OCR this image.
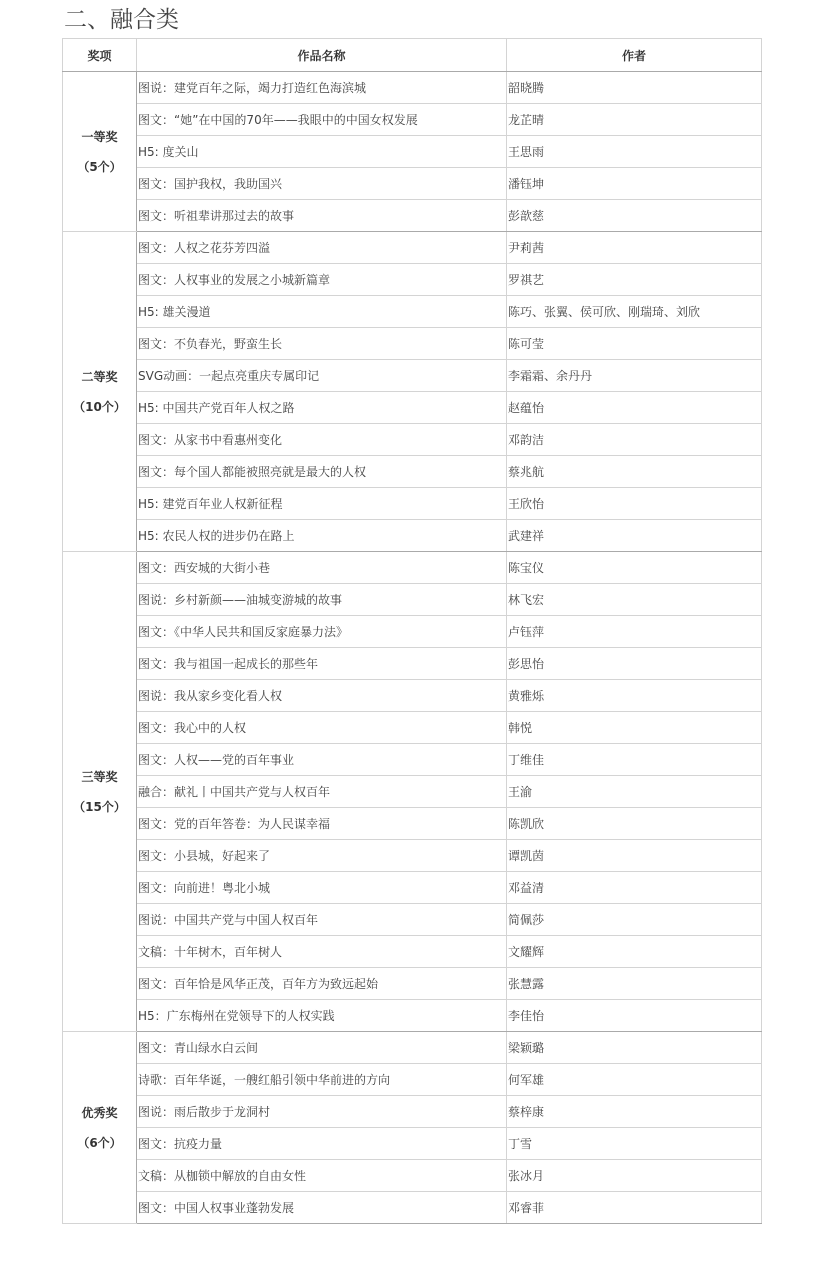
二、融合类
奖项	作品名称	作者

一等奖
（5个）	图说：建党百年之际，竭力打造红色海滨城	韶晓腾
	图文：“她”在中国的70年——我眼中的中国女权发展	龙芷晴
	H5: 度关山	王思雨
	图文：国护我权，我助国兴	潘钰坤
	图文：听祖辈讲那过去的故事	彭歆慈

二等奖
（10个）	图文：人权之花芬芳四溢	尹莉茜
	图文：人权事业的发展之小城新篇章	罗祺艺
	H5: 雄关漫道	陈巧、张翼、侯可欣、刚瑞琦、刘欣
	图文：不负春光，野蛮生长	陈可莹
	SVG动画：一起点亮重庆专属印记	李霜霜、余丹丹
	H5: 中国共产党百年人权之路	赵蕴怡
	图文：从家书中看惠州变化	邓韵洁
	图文：每个国人都能被照亮就是最大的人权	蔡兆航
	H5: 建党百年业人权新征程	王欣怡
	H5: 农民人权的进步仍在路上	武建祥

三等奖
（15个）	图文：西安城的大街小巷	陈宝仪
	图说：乡村新颜——油城变游城的故事	林飞宏
	图文：《中华人民共和国反家庭暴力法》	卢钰萍
	图文：我与祖国一起成长的那些年	彭思怡
	图说：我从家乡变化看人权	黄雅烁
	图文：我心中的人权	韩悦
	图文：人权——党的百年事业	丁维佳
	融合：献礼丨中国共产党与人权百年	王渝
	图文：党的百年答卷：为人民谋幸福	陈凯欣
	图文：小县城，好起来了	谭凯茵
	图文：向前进！粤北小城	邓益清
	图说：中国共产党与中国人权百年	简佩莎
	文稿：十年树木，百年树人	文耀辉
	图文：百年恰是风华正茂，百年方为致远起始	张慧露
	H5：广东梅州在党领导下的人权实践	李佳怡

优秀奖
（6个）	图文：青山绿水白云间	梁颖璐
	诗歌：百年华诞，一艘红船引领中华前进的方向	何军雄
	图说：雨后散步于龙洞村	蔡梓康
	图文：抗疫力量	丁雪
	文稿：从枷锁中解放的自由女性	张冰月
	图文：中国人权事业蓬勃发展	邓睿菲
